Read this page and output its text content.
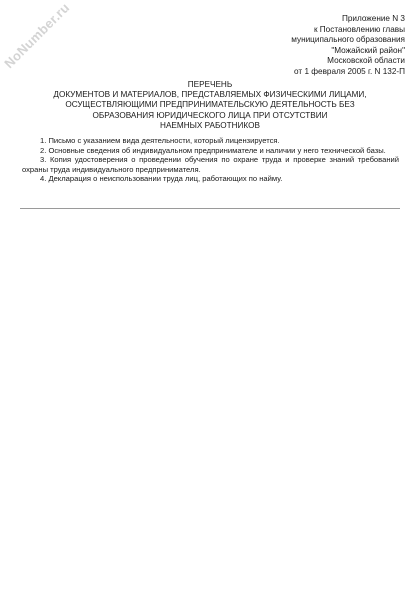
NoNumber.ru	Приложение N 3
к Постановлению главы
муниципального образования
"Можайский район"
Московской области
от 1 февраля 2005 г. N 132-П
ПЕРЕЧЕНЬ
ДОКУМЕНТОВ И МАТЕРИАЛОВ, ПРЕДСТАВЛЯЕМЫХ ФИЗИЧЕСКИМИ ЛИЦАМИ,
ОСУЩЕСТВЛЯЮЩИМИ ПРЕДПРИНИМАТЕЛЬСКУЮ ДЕЯТЕЛЬНОСТЬ БЕЗ
ОБРАЗОВАНИЯ ЮРИДИЧЕСКОГО ЛИЦА ПРИ ОТСУТСТВИИ
НАЕМНЫХ РАБОТНИКОВ

1. Письмо с указанием вида деятельности, который лицензируется.

2. Основные сведения об индивидуальном предпринимателе и наличии у него технической базы.

3. Копия удостоверения о проведении обучения по охране труда и проверке знаний требований охраны труда индивидуального предпринимателя.

4. Декларация о неиспользовании труда лиц, работающих по найму.
